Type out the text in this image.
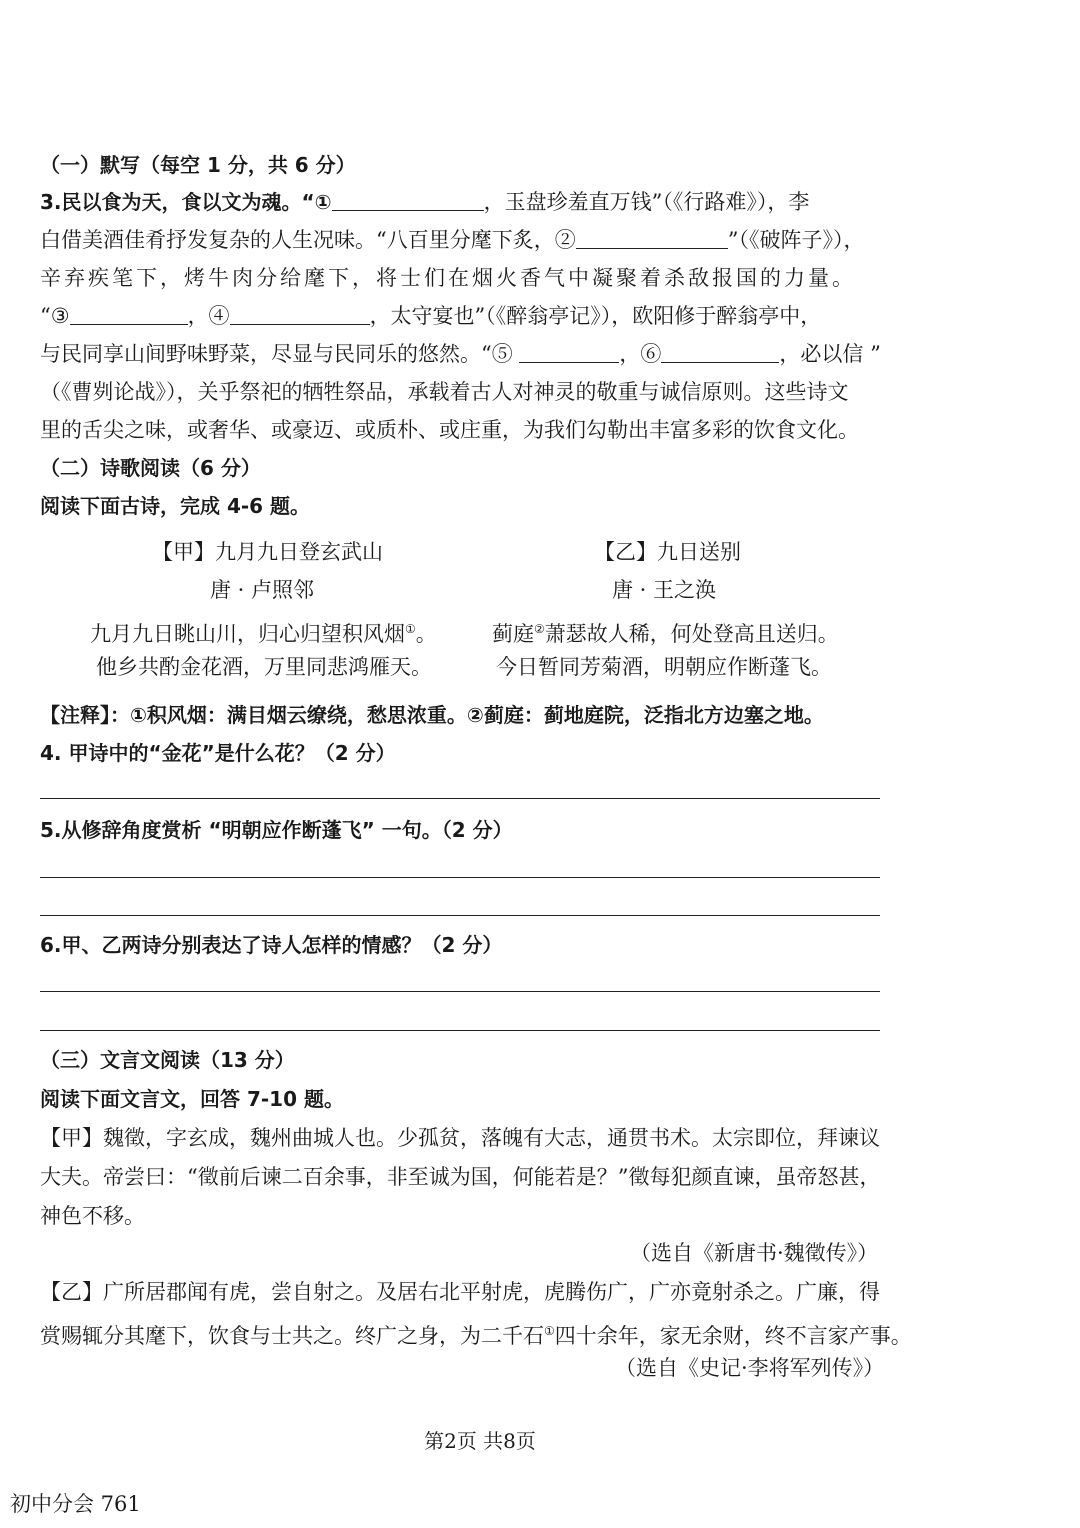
（一）默写（每空 1 分，共 6 分）
3.民以食为天，食以文为魂。“①	，玉盘珍羞直万钱”（《行路难》），李
白借美酒佳肴抒发复杂的人生况味。“八百里分麾下炙，②	”（《破阵子》），
辛弃疾笔下，烤牛肉分给麾下，将士们在烟火香气中凝聚着杀敌报国的力量。
“③	，④	，太守宴也”（《醉翁亭记》），欧阳修于醉翁亭中，
与民同享山间野味野菜，尽显与民同乐的悠然。“⑤	，⑥	，必以信 ”
（《曹刿论战》），关乎祭祀的牺牲祭品，承载着古人对神灵的敬重与诚信原则。这些诗文
里的舌尖之味，或奢华、或豪迈、或质朴、或庄重，为我们勾勒出丰富多彩的饮食文化。
（二）诗歌阅读（6 分）
阅读下面古诗，完成 4-6 题。
【甲】九月九日登玄武山
唐 · 卢照邻
九月九日眺山川，归心归望积风烟①。
他乡共酌金花酒，万里同悲鸿雁天。
【乙】九日送别
唐 · 王之涣
蓟庭②萧瑟故人稀，何处登高且送归。
今日暂同芳菊酒，明朝应作断蓬飞。
【注释】：①积风烟：满目烟云缭绕，愁思浓重。②蓟庭：蓟地庭院，泛指北方边塞之地。
4. 甲诗中的“金花”是什么花？（2 分）
5.从修辞角度赏析 “明朝应作断蓬飞” 一句。（2 分）
6.甲、乙两诗分别表达了诗人怎样的情感？（2 分）
（三）文言文阅读（13 分）
阅读下面文言文，回答 7-10 题。
【甲】魏徵，字玄成，魏州曲城人也。少孤贫，落魄有大志，通贯书术。太宗即位，拜谏议
大夫。帝尝曰：“徵前后谏二百余事，非至诚为国，何能若是？”徵每犯颜直谏，虽帝怒甚，
神色不移。
（选自《新唐书·魏徵传》）
【乙】广所居郡闻有虎，尝自射之。及居右北平射虎，虎腾伤广，广亦竟射杀之。广廉，得
赏赐辄分其麾下，饮食与士共之。终广之身，为二千石①四十余年，家无余财，终不言家产事。
（选自《史记·李将军列传》）
第2页 共8页
初中分会 761
